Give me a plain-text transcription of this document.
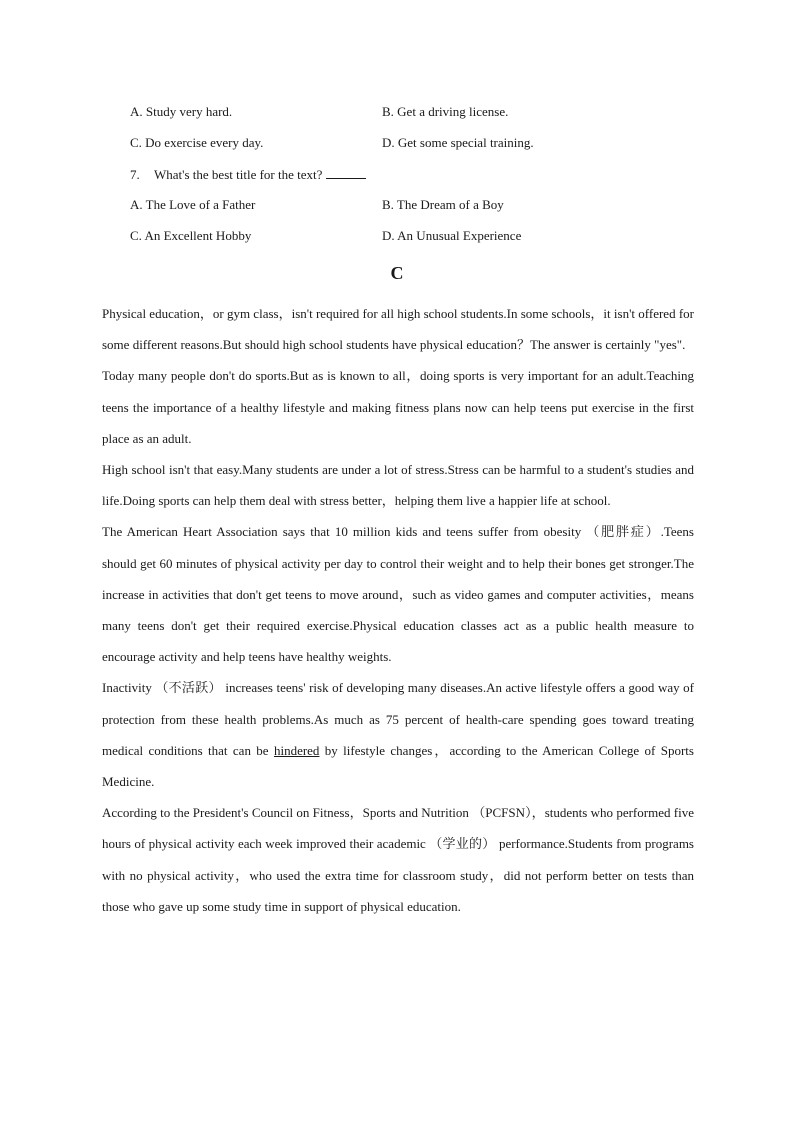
A. Study very hard.	B. Get a driving license.
C. Do exercise every day.	D. Get some special training.
7. What's the best title for the text?
A. The Love of a Father	B. The Dream of a Boy
C. An Excellent Hobby	D. An Unusual Experience
C

Physical education，or gym class，isn't required for all high school students.In some schools，it isn't offered for some different reasons.But should high school students have physical education？The answer is certainly "yes".

Today many people don't do sports.But as is known to all，doing sports is very important for an adult.Teaching teens the importance of a healthy lifestyle and making fitness plans now can help teens put exercise in the first place as an adult.

High school isn't that easy.Many students are under a lot of stress.Stress can be harmful to a student's studies and life.Doing sports can help them deal with stress better，helping them live a happier life at school.

The American Heart Association says that 10 million kids and teens suffer from obesity （肥胖症）.Teens should get 60 minutes of physical activity per day to control their weight and to help their bones get stronger.The increase in activities that don't get teens to move around，such as video games and computer activities，means many teens don't get their required exercise.Physical education classes act as a public health measure to encourage activity and help teens have healthy weights.

Inactivity （不活跃） increases teens' risk of developing many diseases.An active lifestyle offers a good way of protection from these health problems.As much as 75 percent of health-care spending goes toward treating medical conditions that can be hindered by lifestyle changes，according to the American College of Sports Medicine.

According to the President's Council on Fitness，Sports and Nutrition （PCFSN），students who performed five hours of physical activity each week improved their academic （学业的） performance.Students from programs with no physical activity，who used the extra time for classroom study，did not perform better on tests than those who gave up some study time in support of physical education.
